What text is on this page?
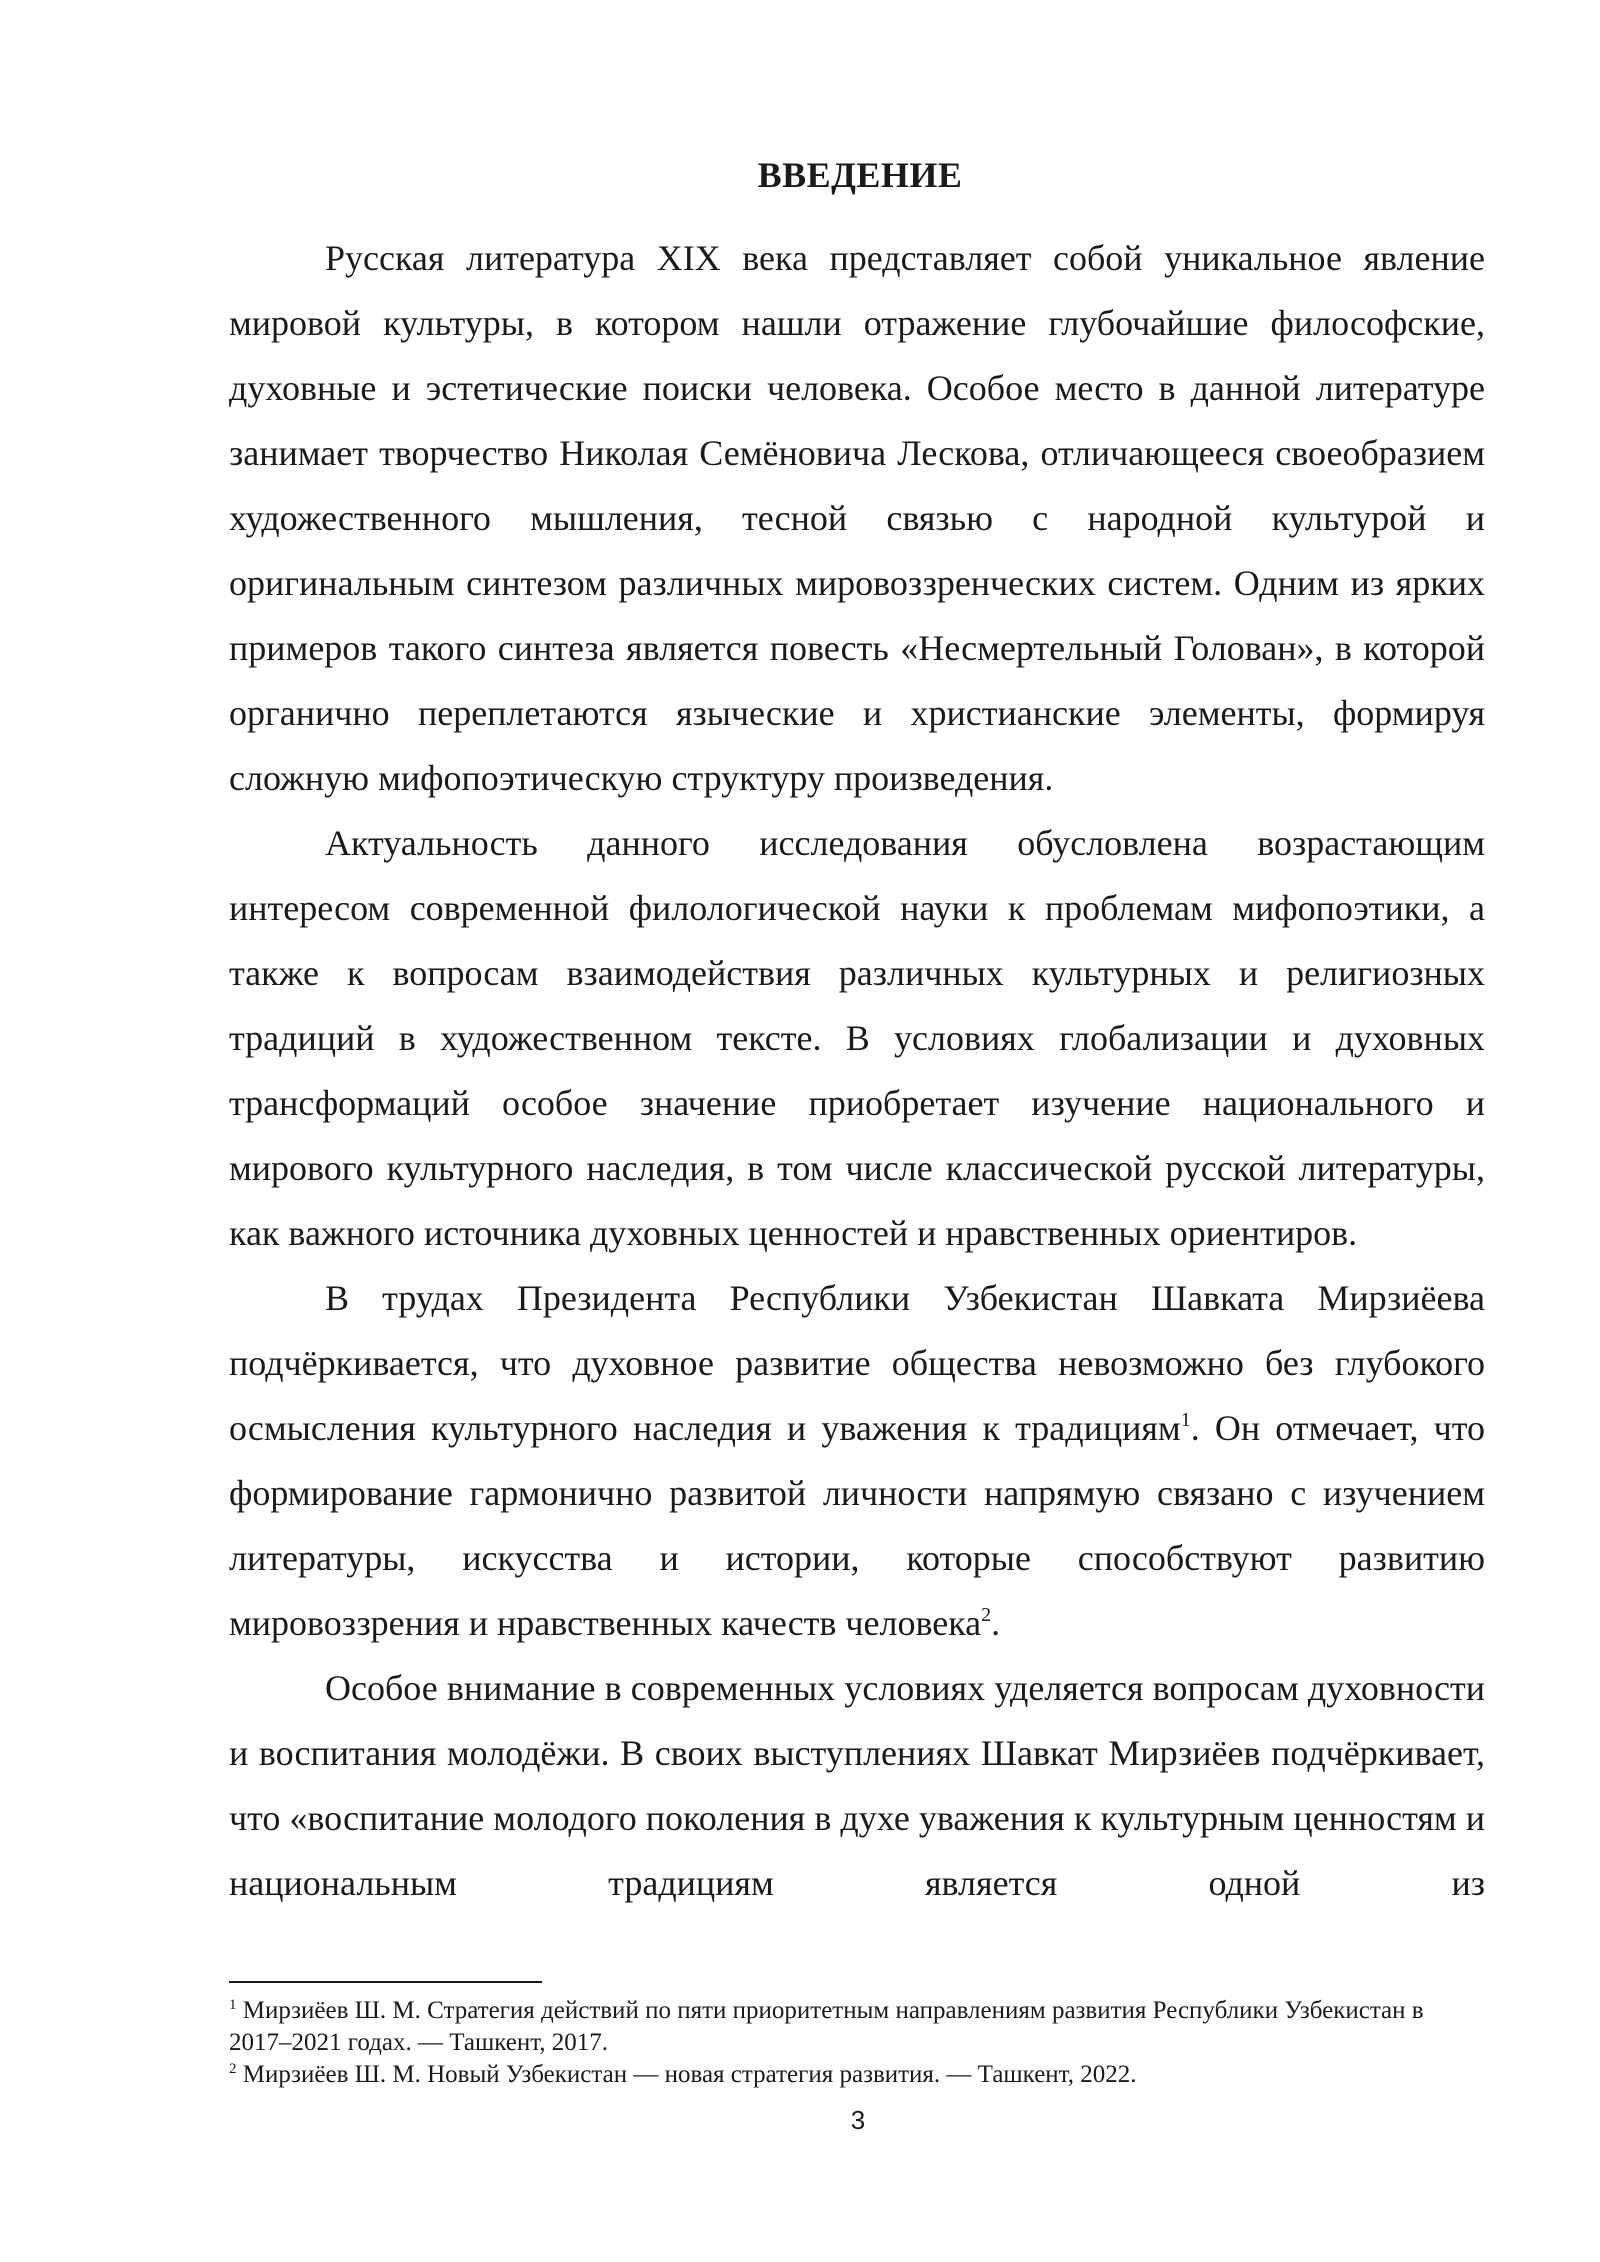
ВВЕДЕНИЕ

Русская литература XIX века представляет собой уникальное явление мировой культуры, в котором нашли отражение глубочайшие философские, духовные и эстетические поиски человека. Особое место в данной литературе занимает творчество Николая Семёновича Лескова, отличающееся своеобразием художественного мышления, тесной связью с народной культурой и оригинальным синтезом различных мировоззренческих систем. Одним из ярких примеров такого синтеза является повесть «Несмертельный Голован», в которой органично переплетаются языческие и христианские элементы, формируя сложную мифопоэтическую структуру произведения.

Актуальность данного исследования обусловлена возрастающим интересом современной филологической науки к проблемам мифопоэтики, а также к вопросам взаимодействия различных культурных и религиозных традиций в художественном тексте. В условиях глобализации и духовных трансформаций особое значение приобретает изучение национального и мирового культурного наследия, в том числе классической русской литературы, как важного источника духовных ценностей и нравственных ориентиров.

В трудах Президента Республики Узбекистан Шавката Мирзиёева подчёркивается, что духовное развитие общества невозможно без глубокого осмысления культурного наследия и уважения к традициям$^1$. Он отмечает, что формирование гармонично развитой личности напрямую связано с изучением литературы, искусства и истории, которые способствуют развитию мировоззрения и нравственных качеств человека$^2$.

Особое внимание в современных условиях уделяется вопросам духовности и воспитания молодёжи. В своих выступлениях Шавкат Мирзиёев подчёркивает, что «воспитание молодого поколения в духе уважения к культурным ценностям и национальным традициям является одной из

$^1$ Мирзиёев Ш. М. Стратегия действий по пяти приоритетным направлениям развития Республики Узбекистан в 2017–2021 годах. — Ташкент, 2017.

$^2$ Мирзиёев Ш. М. Новый Узбекистан — новая стратегия развития. — Ташкент, 2022.

3
